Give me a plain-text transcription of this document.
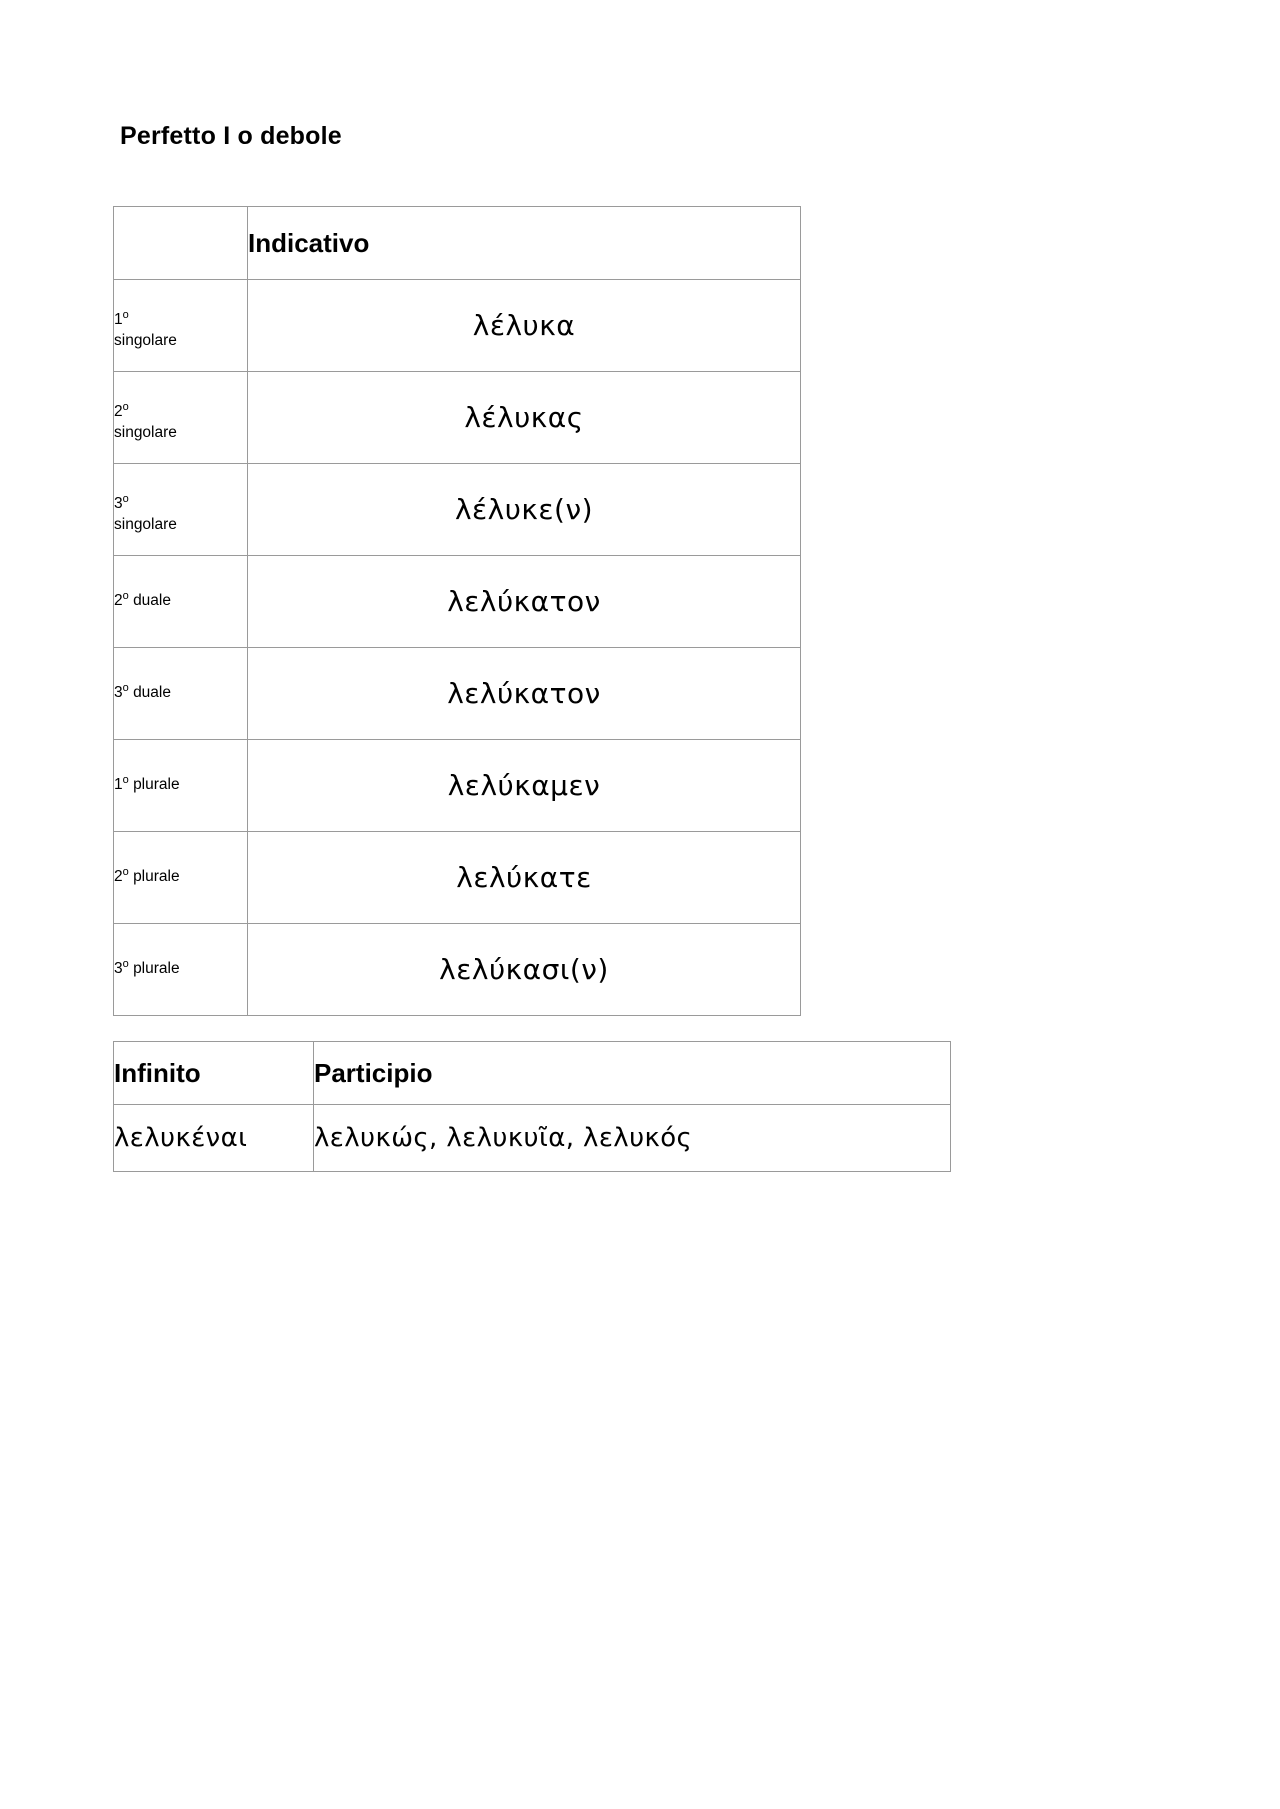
Perfetto I o debole
	Indicativo
1$^o$
singolare	λέλυκα
2$^o$
singolare	λέλυκας
3$^o$
singolare	λέλυκε(ν)
2$^o$ duale	λελύκατον
3$^o$ duale	λελύκατον
1$^o$ plurale	λελύκαμεν
2$^o$ plurale	λελύκατε
3$^o$ plurale	λελύκασι(ν)
Infinito	Participio
λελυκέναι	λελυκώς, λελυκυῖα, λελυκός
